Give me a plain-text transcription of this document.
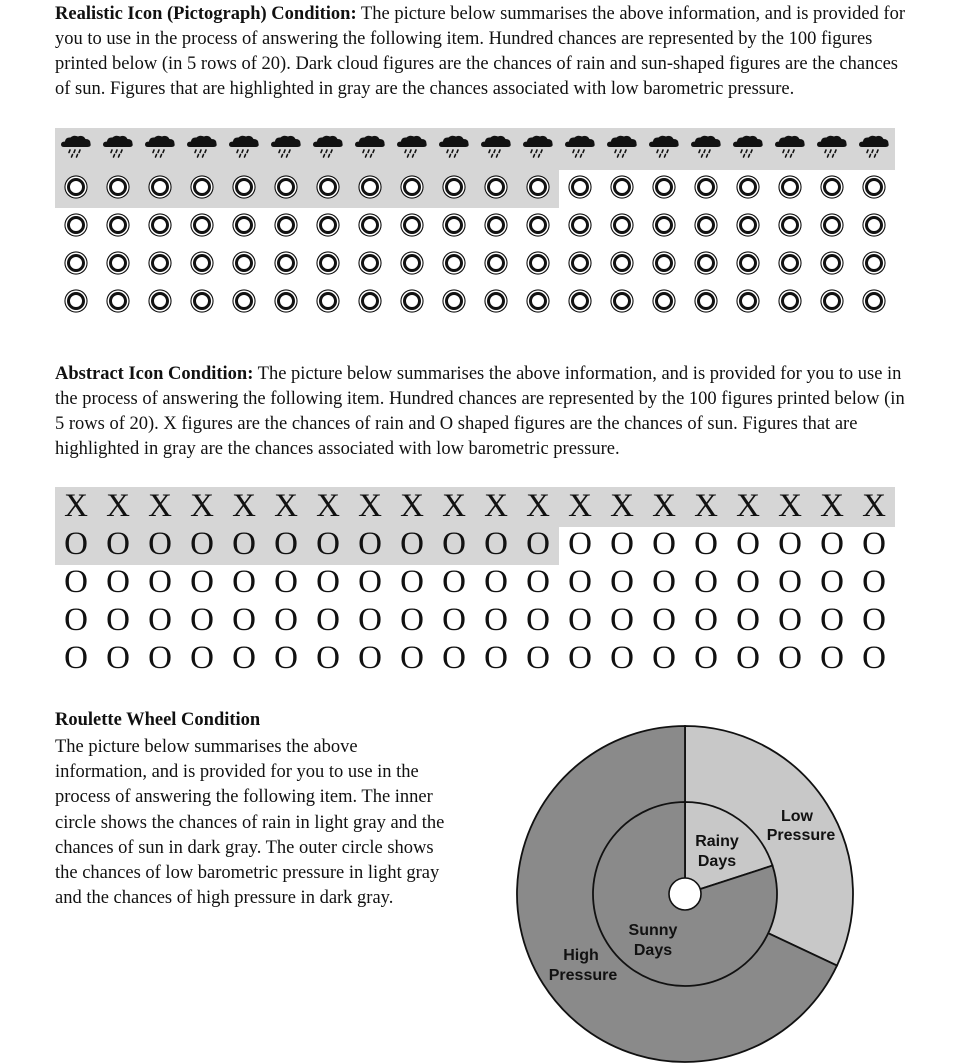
Realistic Icon (Pictograph) Condition: The picture below summarises the above information, and is provided for you to use in the process of answering the following item. Hundred chances are represented by the 100 figures printed below (in 5 rows of 20). Dark cloud figures are the chances of rain and sun-shaped figures are the chances of sun. Figures that are highlighted in gray are the chances associated with low barometric pressure.

Abstract Icon Condition: The picture below summarises the above information, and is provided for you to use in the process of answering the following item. Hundred chances are represented by the 100 figures printed below (in 5 rows of 20). X figures are the chances of rain and O shaped figures are the chances of sun. Figures that are highlighted in gray are the chances associated with low barometric pressure.

X X X X X X X X X X X X X X X X X X X X
O O O O O O O O O O O O O O O O O O O O
O O O O O O O O O O O O O O O O O O O O
O O O O O O O O O O O O O O O O O O O O
O O O O O O O O O O O O O O O O O O O O

Roulette Wheel Condition

The picture below summarises the above information, and is provided for you to use in the process of answering the following item. The inner circle shows the chances of rain in light gray and the chances of sun in dark gray. The outer circle shows the chances of low barometric pressure in light gray and the chances of high pressure in dark gray.

Low
Pressure
Rainy
Days
Sunny
Days
High
Pressure
